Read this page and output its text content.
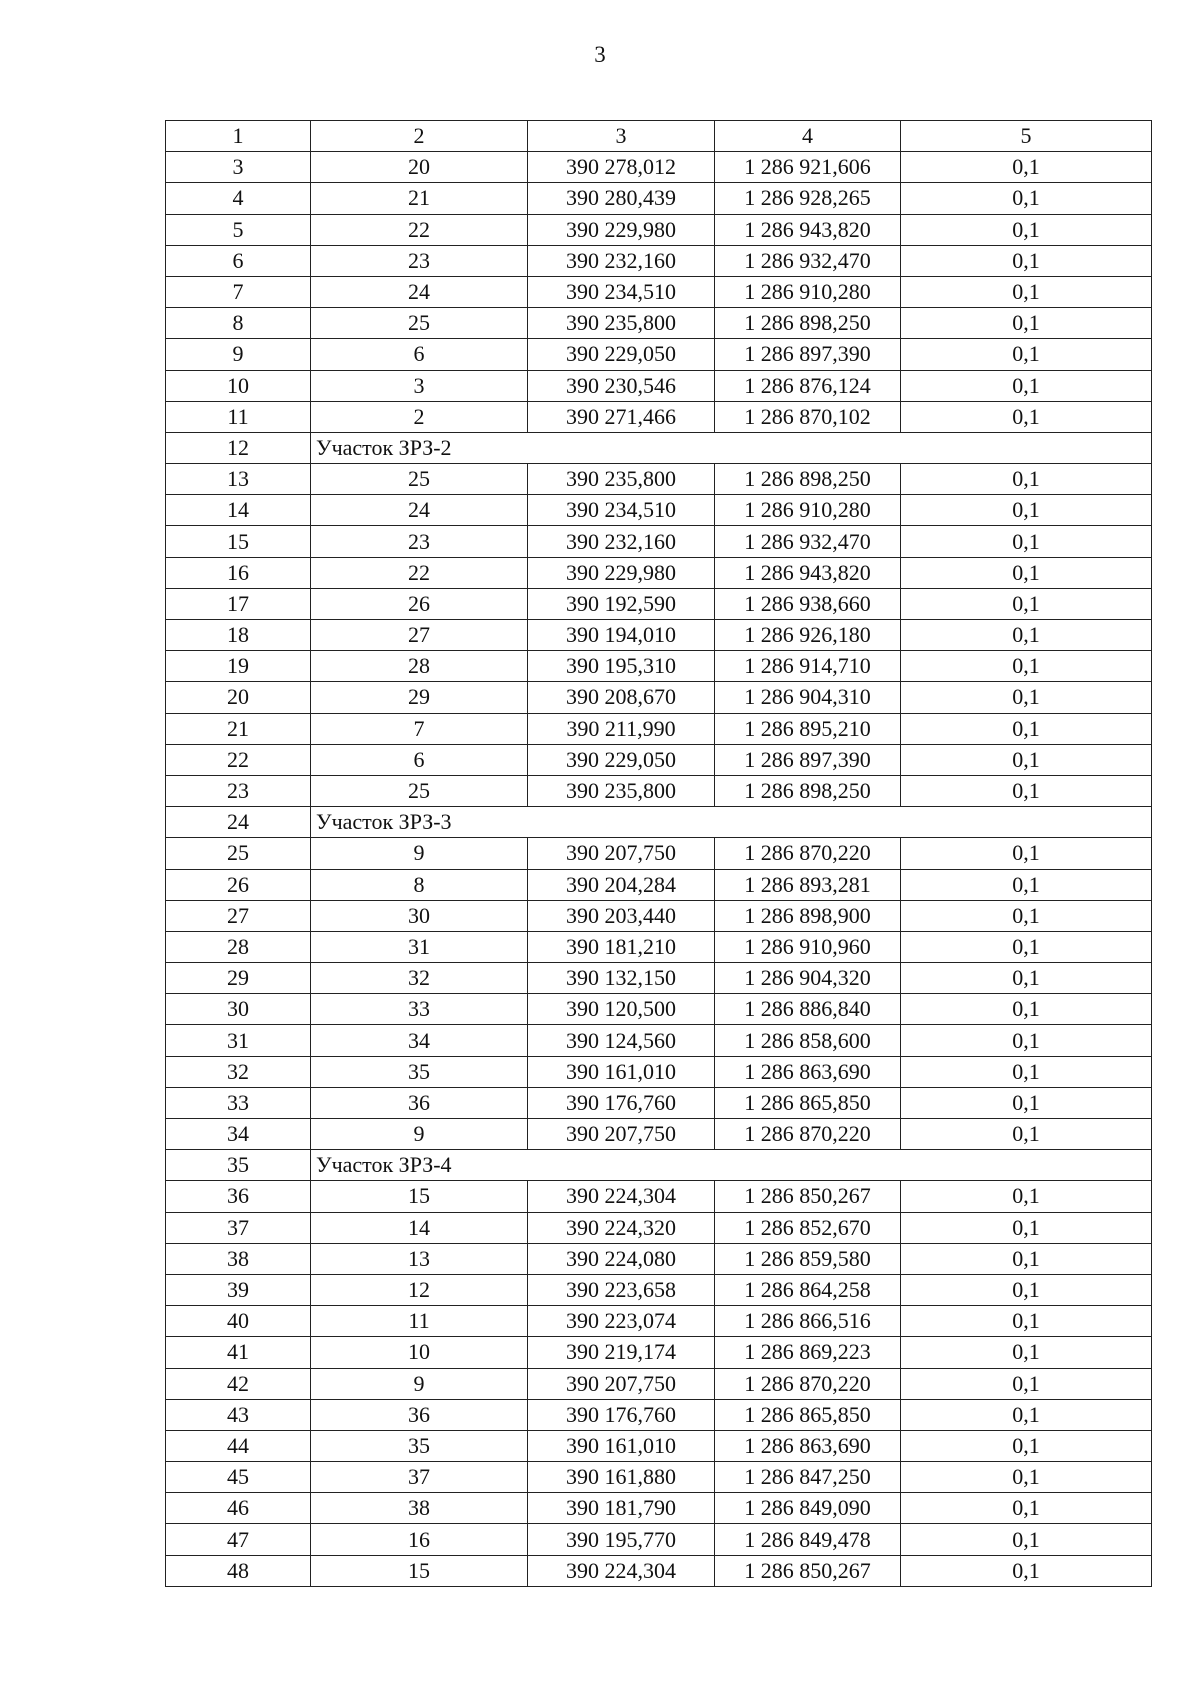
3
1	2	3	4	5
3	20	390 278,012	1 286 921,606	0,1
4	21	390 280,439	1 286 928,265	0,1
5	22	390 229,980	1 286 943,820	0,1
6	23	390 232,160	1 286 932,470	0,1
7	24	390 234,510	1 286 910,280	0,1
8	25	390 235,800	1 286 898,250	0,1
9	6	390 229,050	1 286 897,390	0,1
10	3	390 230,546	1 286 876,124	0,1
11	2	390 271,466	1 286 870,102	0,1
12	Участок ЗРЗ-2			
13	25	390 235,800	1 286 898,250	0,1
14	24	390 234,510	1 286 910,280	0,1
15	23	390 232,160	1 286 932,470	0,1
16	22	390 229,980	1 286 943,820	0,1
17	26	390 192,590	1 286 938,660	0,1
18	27	390 194,010	1 286 926,180	0,1
19	28	390 195,310	1 286 914,710	0,1
20	29	390 208,670	1 286 904,310	0,1
21	7	390 211,990	1 286 895,210	0,1
22	6	390 229,050	1 286 897,390	0,1
23	25	390 235,800	1 286 898,250	0,1
24	Участок ЗРЗ-3			
25	9	390 207,750	1 286 870,220	0,1
26	8	390 204,284	1 286 893,281	0,1
27	30	390 203,440	1 286 898,900	0,1
28	31	390 181,210	1 286 910,960	0,1
29	32	390 132,150	1 286 904,320	0,1
30	33	390 120,500	1 286 886,840	0,1
31	34	390 124,560	1 286 858,600	0,1
32	35	390 161,010	1 286 863,690	0,1
33	36	390 176,760	1 286 865,850	0,1
34	9	390 207,750	1 286 870,220	0,1
35	Участок ЗРЗ-4			
36	15	390 224,304	1 286 850,267	0,1
37	14	390 224,320	1 286 852,670	0,1
38	13	390 224,080	1 286 859,580	0,1
39	12	390 223,658	1 286 864,258	0,1
40	11	390 223,074	1 286 866,516	0,1
41	10	390 219,174	1 286 869,223	0,1
42	9	390 207,750	1 286 870,220	0,1
43	36	390 176,760	1 286 865,850	0,1
44	35	390 161,010	1 286 863,690	0,1
45	37	390 161,880	1 286 847,250	0,1
46	38	390 181,790	1 286 849,090	0,1
47	16	390 195,770	1 286 849,478	0,1
48	15	390 224,304	1 286 850,267	0,1
